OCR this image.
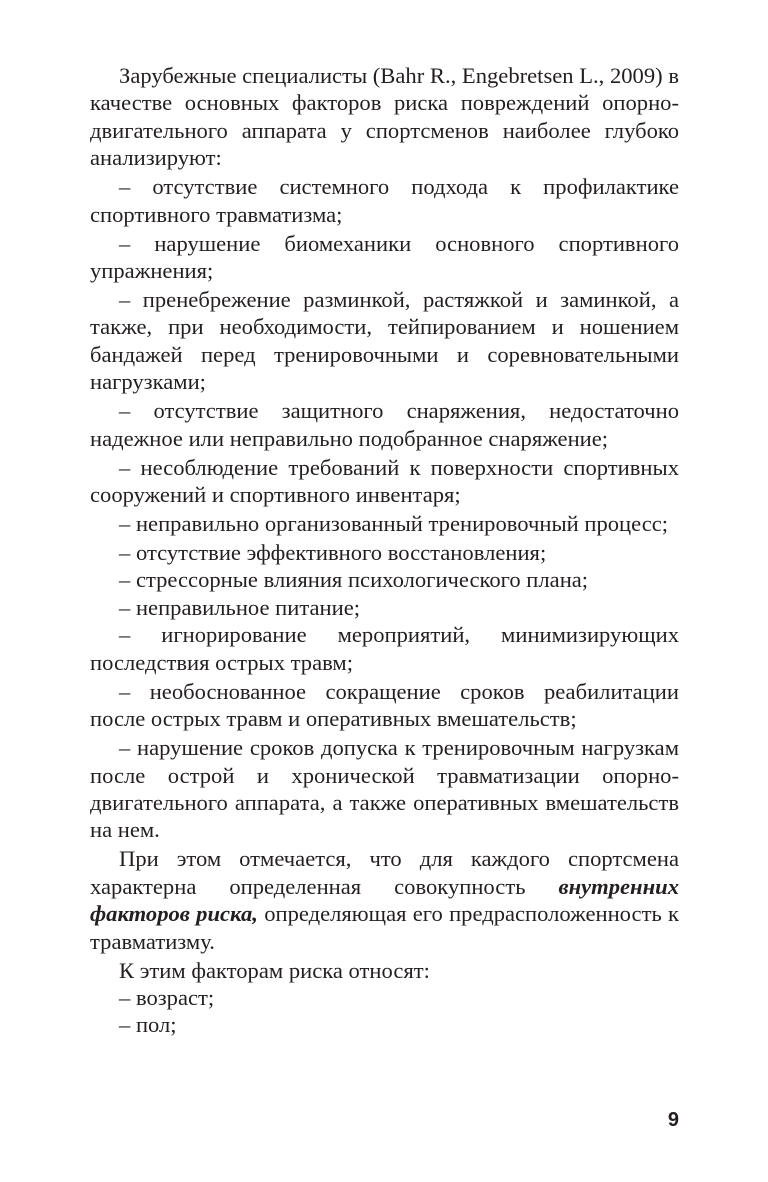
Зарубежные специалисты (Bahr R., Engebretsen L., 2009) в качестве основных факторов риска повреждений опорно-двигательного аппарата у спортсменов наиболее глубоко анализируют:

– отсутствие системного подхода к профилактике спортивного травматизма;

– нарушение биомеханики основного спортивного упражнения;

– пренебрежение разминкой, растяжкой и заминкой, а также, при необходимости, тейпированием и ношением бандажей перед тренировочными и соревновательными нагрузками;

– отсутствие защитного снаряжения, недостаточно надежное или неправильно подобранное снаряжение;

– несоблюдение требований к поверхности спортивных сооружений и спортивного инвентаря;

– неправильно организованный тренировочный процесс;

– отсутствие эффективного восстановления;

– стрессорные влияния психологического плана;

– неправильное питание;

– игнорирование мероприятий, минимизирующих последствия острых травм;

– необоснованное сокращение сроков реабилитации после острых травм и оперативных вмешательств;

– нарушение сроков допуска к тренировочным нагрузкам после острой и хронической травматизации опорно-двигательного аппарата, а также оперативных вмешательств на нем.

При этом отмечается, что для каждого спортсмена характерна определенная совокупность внутренних факторов риска, определяющая его предрасположенность к травматизму.

К этим факторам риска относят:

– возраст;

– пол;

9
